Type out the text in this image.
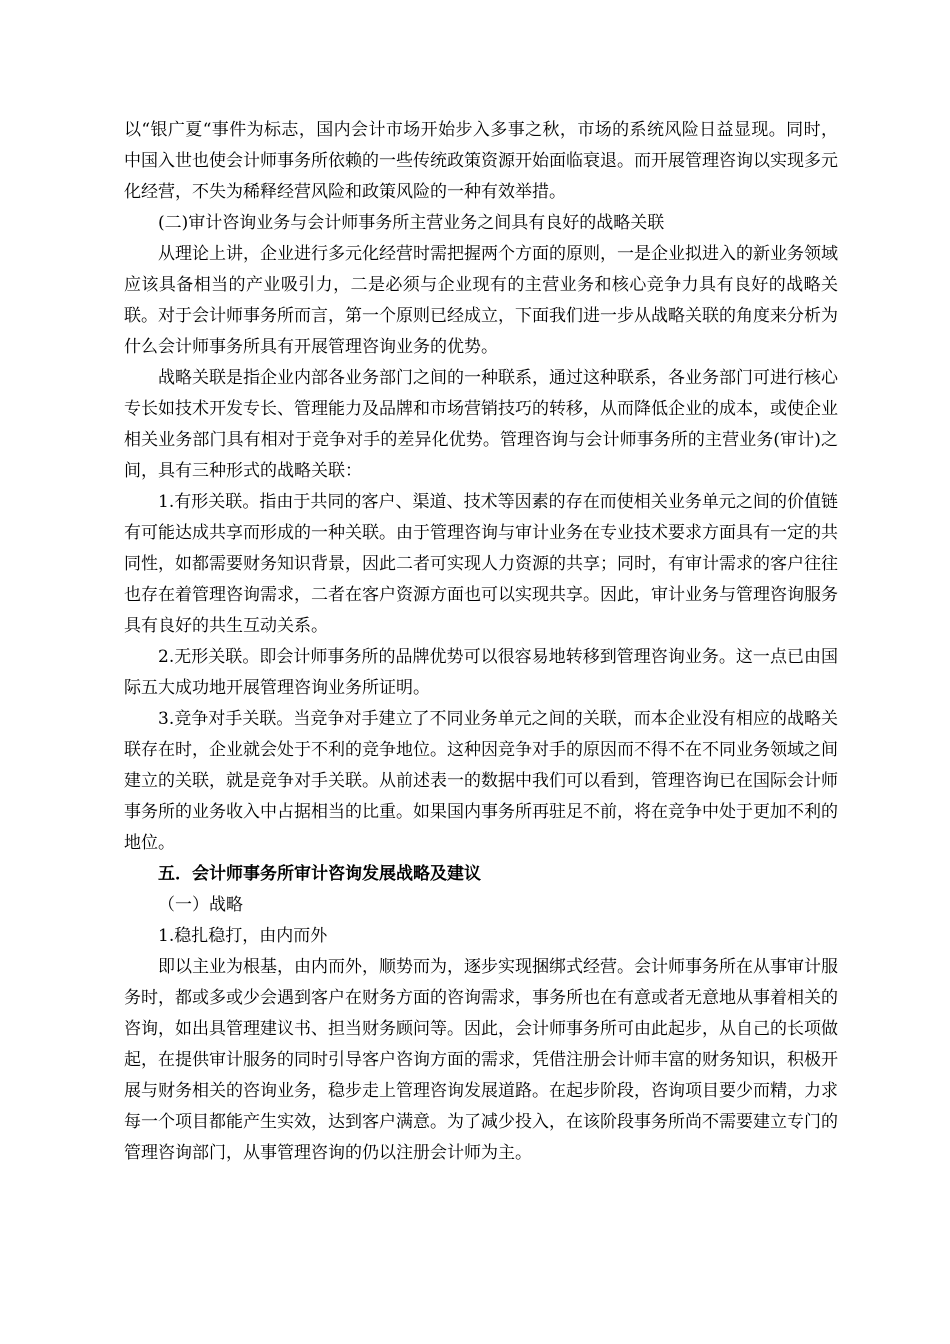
以“银广夏“事件为标志，国内会计市场开始步入多事之秋，市场的系统风险日益显现。同时，中国入世也使会计师事务所依赖的一些传统政策资源开始面临衰退。而开展管理咨询以实现多元化经营，不失为稀释经营风险和政策风险的一种有效举措。

(二)审计咨询业务与会计师事务所主营业务之间具有良好的战略关联

从理论上讲，企业进行多元化经营时需把握两个方面的原则，一是企业拟进入的新业务领域应该具备相当的产业吸引力，二是必须与企业现有的主营业务和核心竞争力具有良好的战略关联。对于会计师事务所而言，第一个原则已经成立，下面我们进一步从战略关联的角度来分析为什么会计师事务所具有开展管理咨询业务的优势。

战略关联是指企业内部各业务部门之间的一种联系，通过这种联系，各业务部门可进行核心专长如技术开发专长、管理能力及品牌和市场营销技巧的转移，从而降低企业的成本，或使企业相关业务部门具有相对于竞争对手的差异化优势。管理咨询与会计师事务所的主营业务(审计)之间，具有三种形式的战略关联：

1.有形关联。指由于共同的客户、渠道、技术等因素的存在而使相关业务单元之间的价值链有可能达成共享而形成的一种关联。由于管理咨询与审计业务在专业技术要求方面具有一定的共同性，如都需要财务知识背景，因此二者可实现人力资源的共享；同时，有审计需求的客户往往也存在着管理咨询需求，二者在客户资源方面也可以实现共享。因此，审计业务与管理咨询服务具有良好的共生互动关系。

2.无形关联。即会计师事务所的品牌优势可以很容易地转移到管理咨询业务。这一点已由国际五大成功地开展管理咨询业务所证明。

3.竞争对手关联。当竞争对手建立了不同业务单元之间的关联，而本企业没有相应的战略关联存在时，企业就会处于不利的竞争地位。这种因竞争对手的原因而不得不在不同业务领域之间建立的关联，就是竞争对手关联。从前述表一的数据中我们可以看到，管理咨询已在国际会计师事务所的业务收入中占据相当的比重。如果国内事务所再驻足不前，将在竞争中处于更加不利的地位。

五．会计师事务所审计咨询发展战略及建议

（一）战略

1.稳扎稳打，由内而外

即以主业为根基，由内而外，顺势而为，逐步实现捆绑式经营。会计师事务所在从事审计服务时，都或多或少会遇到客户在财务方面的咨询需求，事务所也在有意或者无意地从事着相关的咨询，如出具管理建议书、担当财务顾问等。因此，会计师事务所可由此起步，从自己的长项做起，在提供审计服务的同时引导客户咨询方面的需求，凭借注册会计师丰富的财务知识，积极开展与财务相关的咨询业务，稳步走上管理咨询发展道路。在起步阶段，咨询项目要少而精，力求每一个项目都能产生实效，达到客户满意。为了减少投入，在该阶段事务所尚不需要建立专门的管理咨询部门，从事管理咨询的仍以注册会计师为主。
